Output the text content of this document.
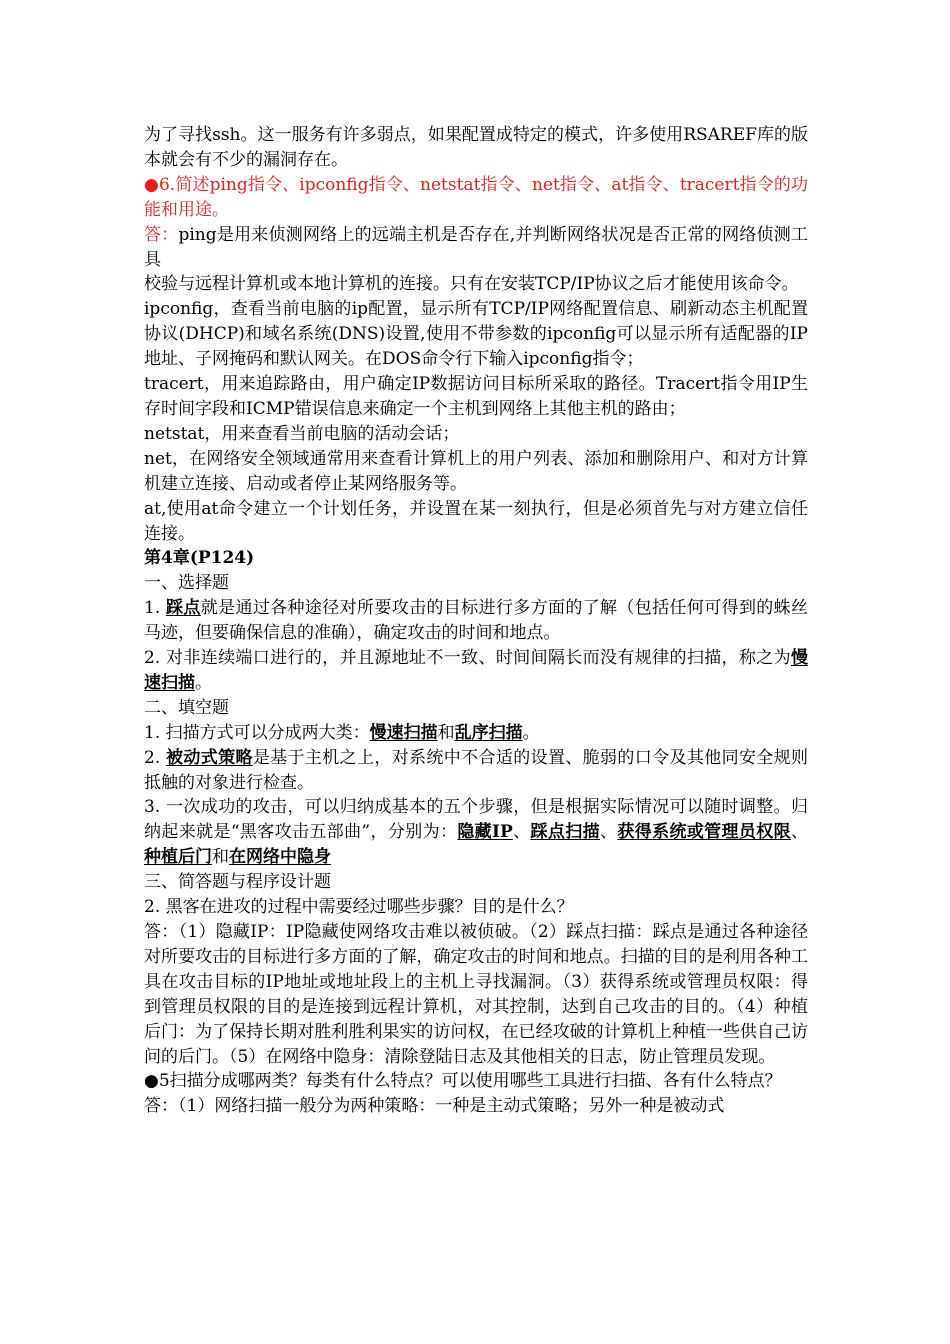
为了寻找ssh。这一服务有许多弱点，如果配置成特定的模式，许多使用RSAREF库的版本就会有不少的漏洞存在。

●6.简述ping指令、ipconfig指令、netstat指令、net指令、at指令、tracert指令的功能和用途。

答：ping是用来侦测网络上的远端主机是否存在,并判断网络状况是否正常的网络侦测工具

校验与远程计算机或本地计算机的连接。只有在安装TCP/IP协议之后才能使用该命令。

ipconfig，查看当前电脑的ip配置，显示所有TCP/IP网络配置信息、刷新动态主机配置协议(DHCP)和域名系统(DNS)设置,使用不带参数的ipconfig可以显示所有适配器的IP地址、子网掩码和默认网关。在DOS命令行下输入ipconfig指令；

tracert，用来追踪路由，用户确定IP数据访问目标所采取的路径。Tracert指令用IP生存时间字段和ICMP错误信息来确定一个主机到网络上其他主机的路由；

netstat，用来查看当前电脑的活动会话；

net，在网络安全领域通常用来查看计算机上的用户列表、添加和删除用户、和对方计算机建立连接、启动或者停止某网络服务等。

at,使用at命令建立一个计划任务，并设置在某一刻执行，但是必须首先与对方建立信任连接。

第4章(P124)

一、选择题

1. 踩点就是通过各种途径对所要攻击的目标进行多方面的了解（包括任何可得到的蛛丝马迹，但要确保信息的准确），确定攻击的时间和地点。

2. 对非连续端口进行的，并且源地址不一致、时间间隔长而没有规律的扫描，称之为慢速扫描。

二、填空题

1. 扫描方式可以分成两大类：慢速扫描和乱序扫描。

2. 被动式策略是基于主机之上，对系统中不合适的设置、脆弱的口令及其他同安全规则抵触的对象进行检查。

3. 一次成功的攻击，可以归纳成基本的五个步骤，但是根据实际情况可以随时调整。归纳起来就是“黑客攻击五部曲”，分别为：隐藏IP、踩点扫描、获得系统或管理员权限、种植后门和在网络中隐身

三、简答题与程序设计题

2. 黑客在进攻的过程中需要经过哪些步骤？目的是什么？

答：（1）隐藏IP：IP隐藏使网络攻击难以被侦破。（2）踩点扫描：踩点是通过各种途径对所要攻击的目标进行多方面的了解，确定攻击的时间和地点。扫描的目的是利用各种工具在攻击目标的IP地址或地址段上的主机上寻找漏洞。（3）获得系统或管理员权限：得到管理员权限的目的是连接到远程计算机，对其控制，达到自己攻击的目的。（4）种植后门：为了保持长期对胜利胜利果实的访问权，在已经攻破的计算机上种植一些供自己访问的后门。（5）在网络中隐身：清除登陆日志及其他相关的日志，防止管理员发现。

●5扫描分成哪两类？每类有什么特点？可以使用哪些工具进行扫描、各有什么特点？

答：（1）网络扫描一般分为两种策略：一种是主动式策略；另外一种是被动式
